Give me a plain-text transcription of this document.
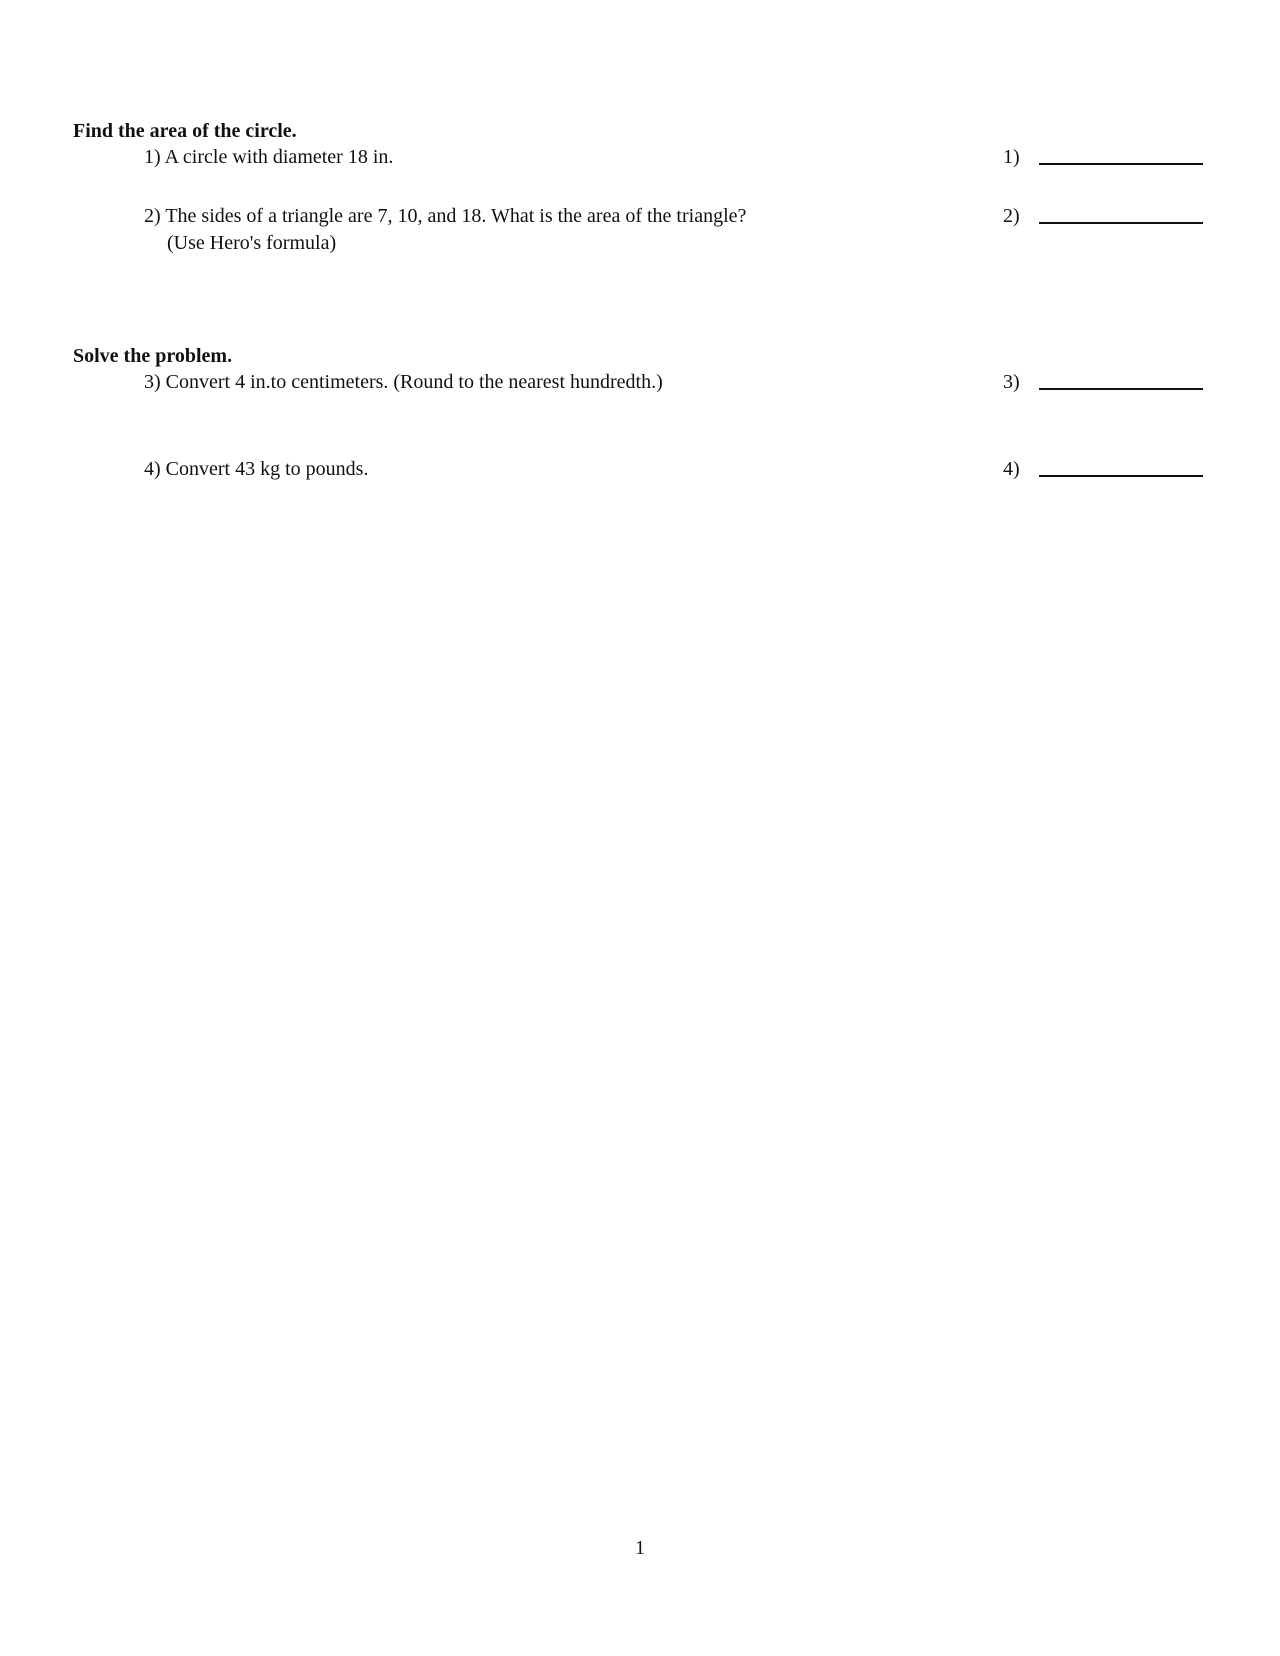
Find the area of the circle.
1) A circle with diameter 18 in.	1)
2) The sides of a triangle are 7, 10, and 18. What is the area of the triangle?
(Use Hero's formula)
2)
Solve the problem.
3) Convert 4 in.to centimeters. (Round to the nearest hundredth.)	3)
4) Convert 43 kg to pounds.	4)
1
